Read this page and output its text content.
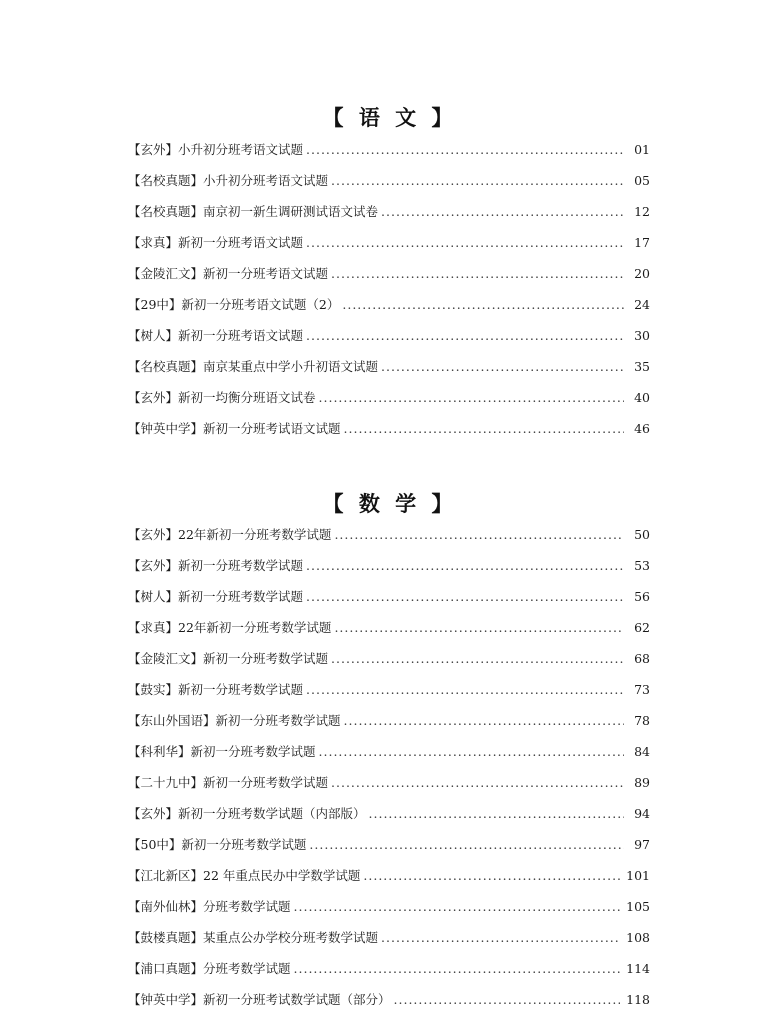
【 语 文 】
【玄外】 小升初分班考语文试题 .....	01
【名校真题】 小升初分班考语文试题 .....	05
【名校真题】 南京初一新生调研测试语文试卷 .....	12
【求真】 新初一分班考语文试题 .....	17
【金陵汇文】 新初一分班考语文试题 .....	20
【29中】 新初一分班考语文试题（2） .....	24
【树人】 新初一分班考语文试题 .....	30
【名校真题】 南京某重点中学小升初语文试题 .....	35
【玄外】 新初一均衡分班语文试卷 .....	40
【钟英中学】 新初一分班考试语文试题 .....	46
【 数 学 】
【玄外】 22年新初一分班考数学试题 .....	50
【玄外】 新初一分班考数学试题 .....	53
【树人】 新初一分班考数学试题 .....	56
【求真】 22年新初一分班考数学试题 .....	62
【金陵汇文】 新初一分班考数学试题 .....	68
【鼓实】 新初一分班考数学试题 .....	73
【东山外国语】 新初一分班考数学试题 .....	78
【科利华】 新初一分班考数学试题 .....	84
【二十九中】 新初一分班考数学试题 .....	89
【玄外】 新初一分班考数学试题（内部版） .....	94
【50中】 新初一分班考数学试题 .....	97
【江北新区】 22 年重点民办中学数学试题 .....	101
【南外仙林】 分班考数学试题 .....	105
【鼓楼真题】 某重点公办学校分班考数学试题 .....	108
【浦口真题】 分班考数学试题 .....	114
【钟英中学】 新初一分班考试数学试题（部分） .....	118
